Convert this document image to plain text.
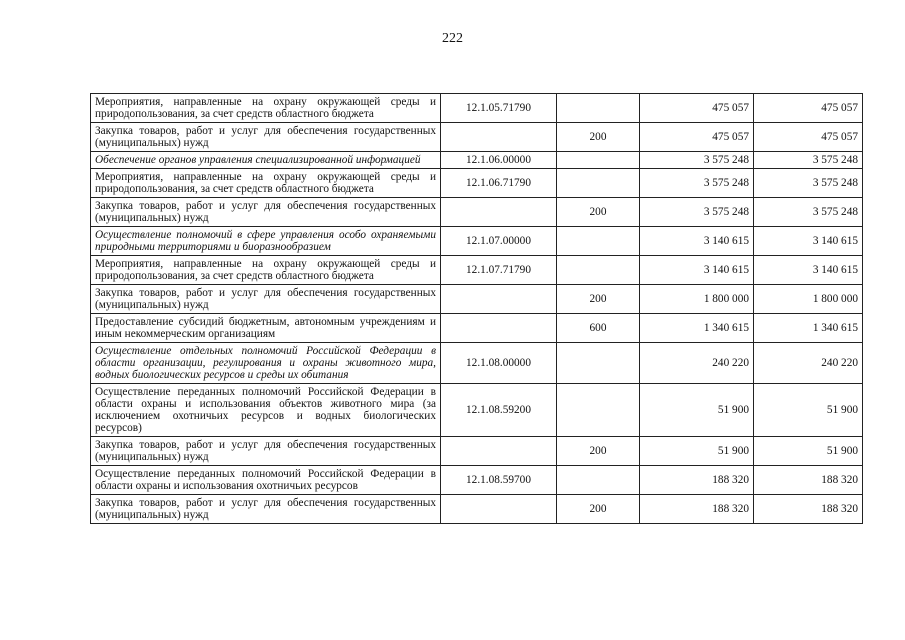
222
Мероприятия, направленные на охрану окружающей среды и природопользования, за счет средств областного бюджета	12.1.05.71790		475 057	475 057
Закупка товаров, работ и услуг для обеспечения государственных (муниципальных) нужд		200	475 057	475 057
Обеспечение органов управления специализированной информацией	12.1.06.00000		3 575 248	3 575 248
Мероприятия, направленные на охрану окружающей среды и природопользования, за счет средств областного бюджета	12.1.06.71790		3 575 248	3 575 248
Закупка товаров, работ и услуг для обеспечения государственных (муниципальных) нужд		200	3 575 248	3 575 248
Осуществление полномочий в сфере управления особо охраняемыми природными территориями и биоразнообразием	12.1.07.00000		3 140 615	3 140 615
Мероприятия, направленные на охрану окружающей среды и природопользования, за счет средств областного бюджета	12.1.07.71790		3 140 615	3 140 615
Закупка товаров, работ и услуг для обеспечения государственных (муниципальных) нужд		200	1 800 000	1 800 000
Предоставление субсидий бюджетным, автономным учреждениям и иным некоммерческим организациям		600	1 340 615	1 340 615
Осуществление отдельных полномочий Российской Федерации в области организации, регулирования и охраны животного мира, водных биологических ресурсов и среды их обитания	12.1.08.00000		240 220	240 220
Осуществление переданных полномочий Российской Федерации в области охраны и использования объектов животного мира (за исключением охотничьих ресурсов и водных биологических ресурсов)	12.1.08.59200		51 900	51 900
Закупка товаров, работ и услуг для обеспечения государственных (муниципальных) нужд		200	51 900	51 900
Осуществление переданных полномочий Российской Федерации в области охраны и использования охотничьих ресурсов	12.1.08.59700		188 320	188 320
Закупка товаров, работ и услуг для обеспечения государственных (муниципальных) нужд		200	188 320	188 320
